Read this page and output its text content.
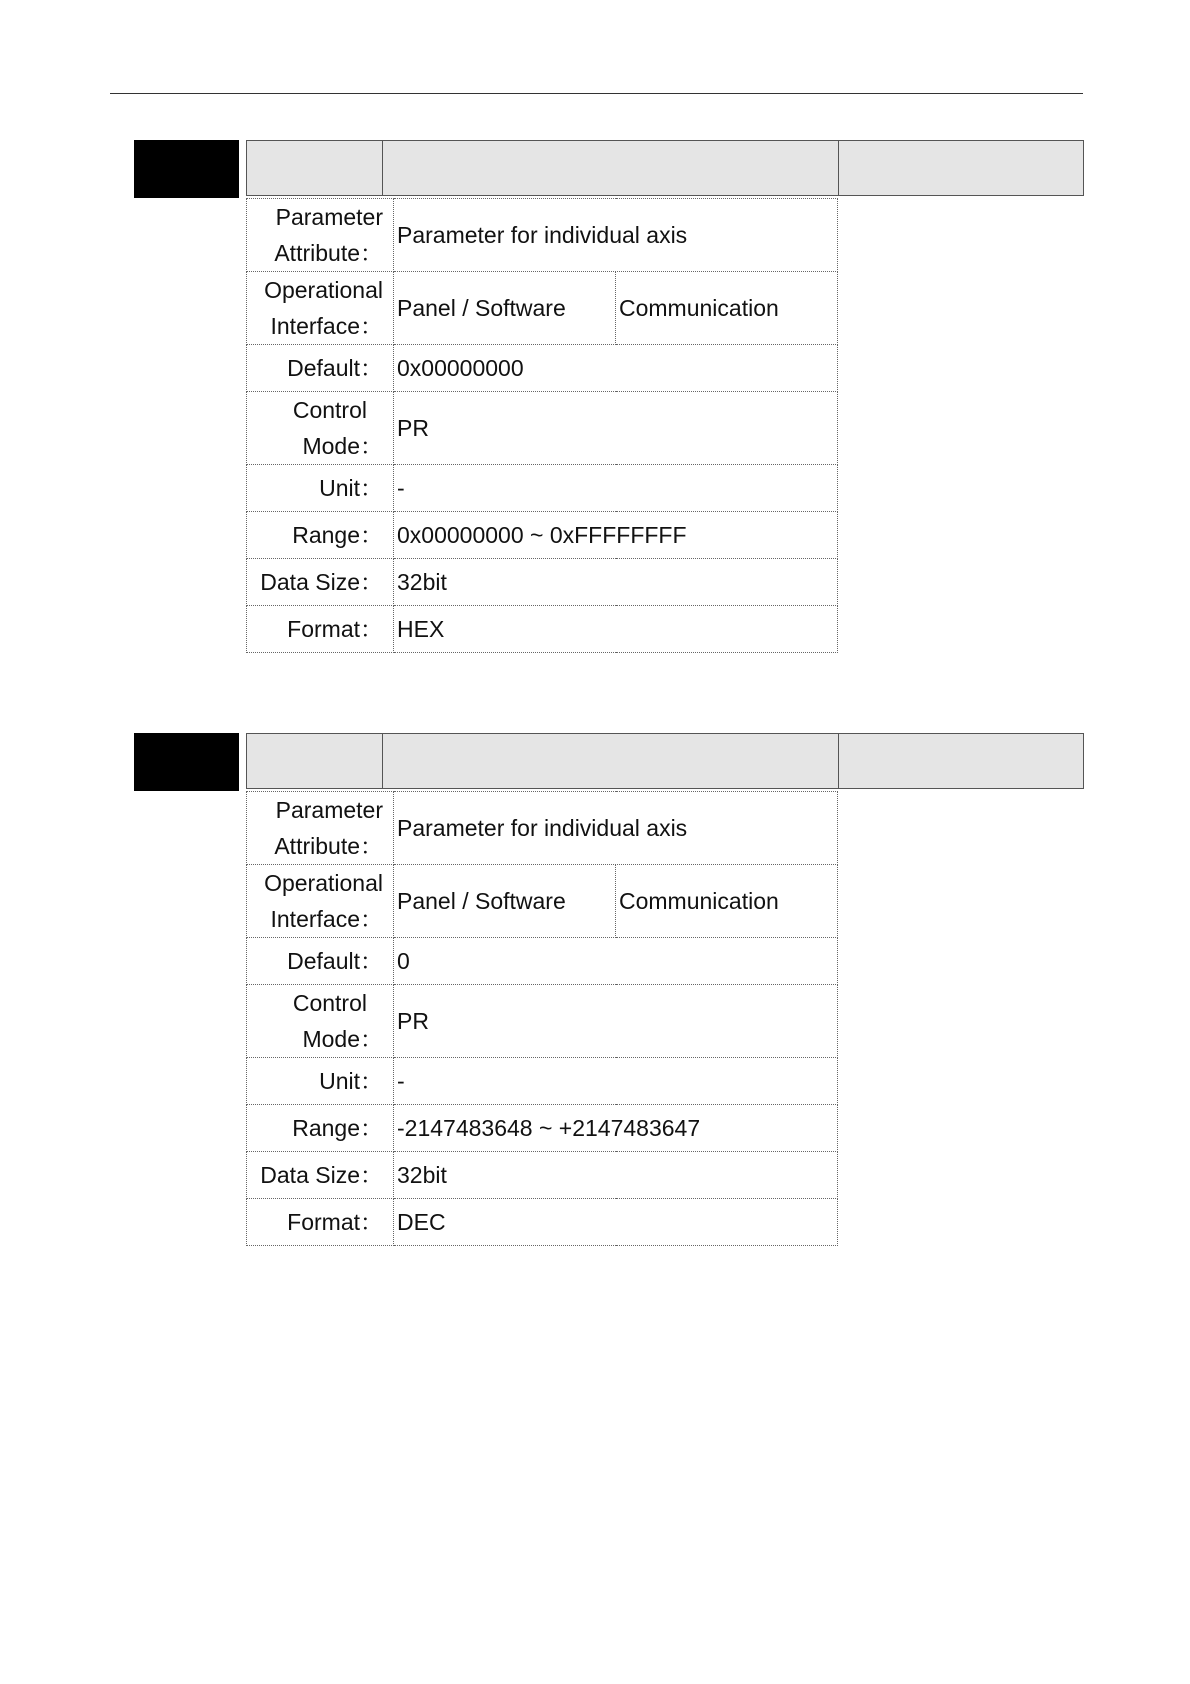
Parameter
Attribute：	Parameter for individual axis	

Operational
Interface：	Panel / Software	Communication
Default：	0x00000000	

Control
Mode：	PR	
Unit：	-	
Range：	0x00000000 ~ 0xFFFFFFFF	
Data Size：	32bit	
Format：	HEX	
Parameter
Attribute：	Parameter for individual axis	

Operational
Interface：	Panel / Software	Communication
Default：	0	

Control
Mode：	PR	
Unit：	-	
Range：	-2147483648 ~ +2147483647	
Data Size：	32bit	
Format：	DEC	
